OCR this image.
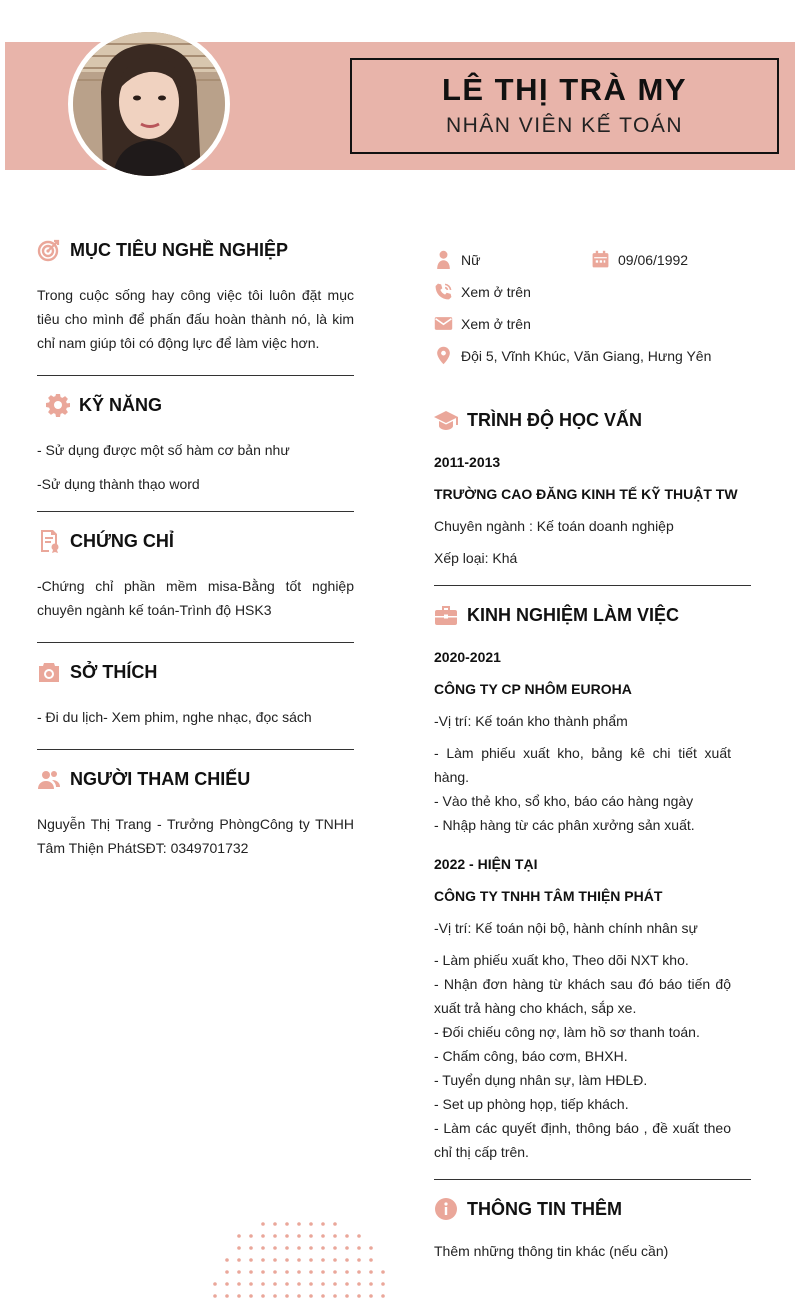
LÊ THỊ TRÀ MY
NHÂN VIÊN KẾ TOÁN
MỤC TIÊU NGHỀ NGHIỆP
Trong cuộc sống hay công việc tôi luôn đặt mục tiêu cho mình để phấn đấu hoàn thành nó, là kim chỉ nam giúp tôi có động lực để làm việc hơn.
KỸ NĂNG
- Sử dụng được một số hàm cơ bản như
-Sử dụng thành thạo word
CHỨNG CHỈ
-Chứng chỉ phần mềm misa-Bằng tốt nghiệp chuyên ngành kế toán-Trình độ HSK3
SỞ THÍCH
- Đi du lịch- Xem phim, nghe nhạc, đọc sách
NGƯỜI THAM CHIẾU
Nguyễn Thị Trang - Trưởng PhòngCông ty TNHH Tâm Thiện PhátSĐT: 0349701732
Nữ	09/06/1992
Xem ở trên
Xem ở trên
Đội 5, Vĩnh Khúc, Văn Giang, Hưng Yên
TRÌNH ĐỘ HỌC VẤN
2011-2013
TRƯỜNG CAO ĐĂNG KINH TẾ KỸ THUẬT TW
Chuyên ngành : Kế toán doanh nghiệp
Xếp loại: Khá
KINH NGHIỆM LÀM VIỆC
2020-2021
CÔNG TY CP NHÔM EUROHA
-Vị trí: Kế toán kho thành phẩm
- Làm phiếu xuất kho, bảng kê chi tiết xuất hàng.
- Vào thẻ kho, sổ kho, báo cáo hàng ngày
- Nhập hàng từ các phân xưởng sản xuất.
2022 - HIỆN TẠI
CÔNG TY TNHH TÂM THIỆN PHÁT
-Vị trí: Kế toán nội bộ, hành chính nhân sự
- Làm phiếu xuất kho, Theo dõi NXT kho.
- Nhận đơn hàng từ khách sau đó báo tiến độ xuất trả hàng cho khách, sắp xe.
- Đối chiếu công nợ, làm hồ sơ thanh toán.
- Chấm công, báo cơm, BHXH.
- Tuyển dụng nhân sự, làm HĐLĐ.
- Set up phòng họp, tiếp khách.
- Làm các quyết định, thông báo , đề xuất theo chỉ thị cấp trên.
THÔNG TIN THÊM
Thêm những thông tin khác (nếu cần)
